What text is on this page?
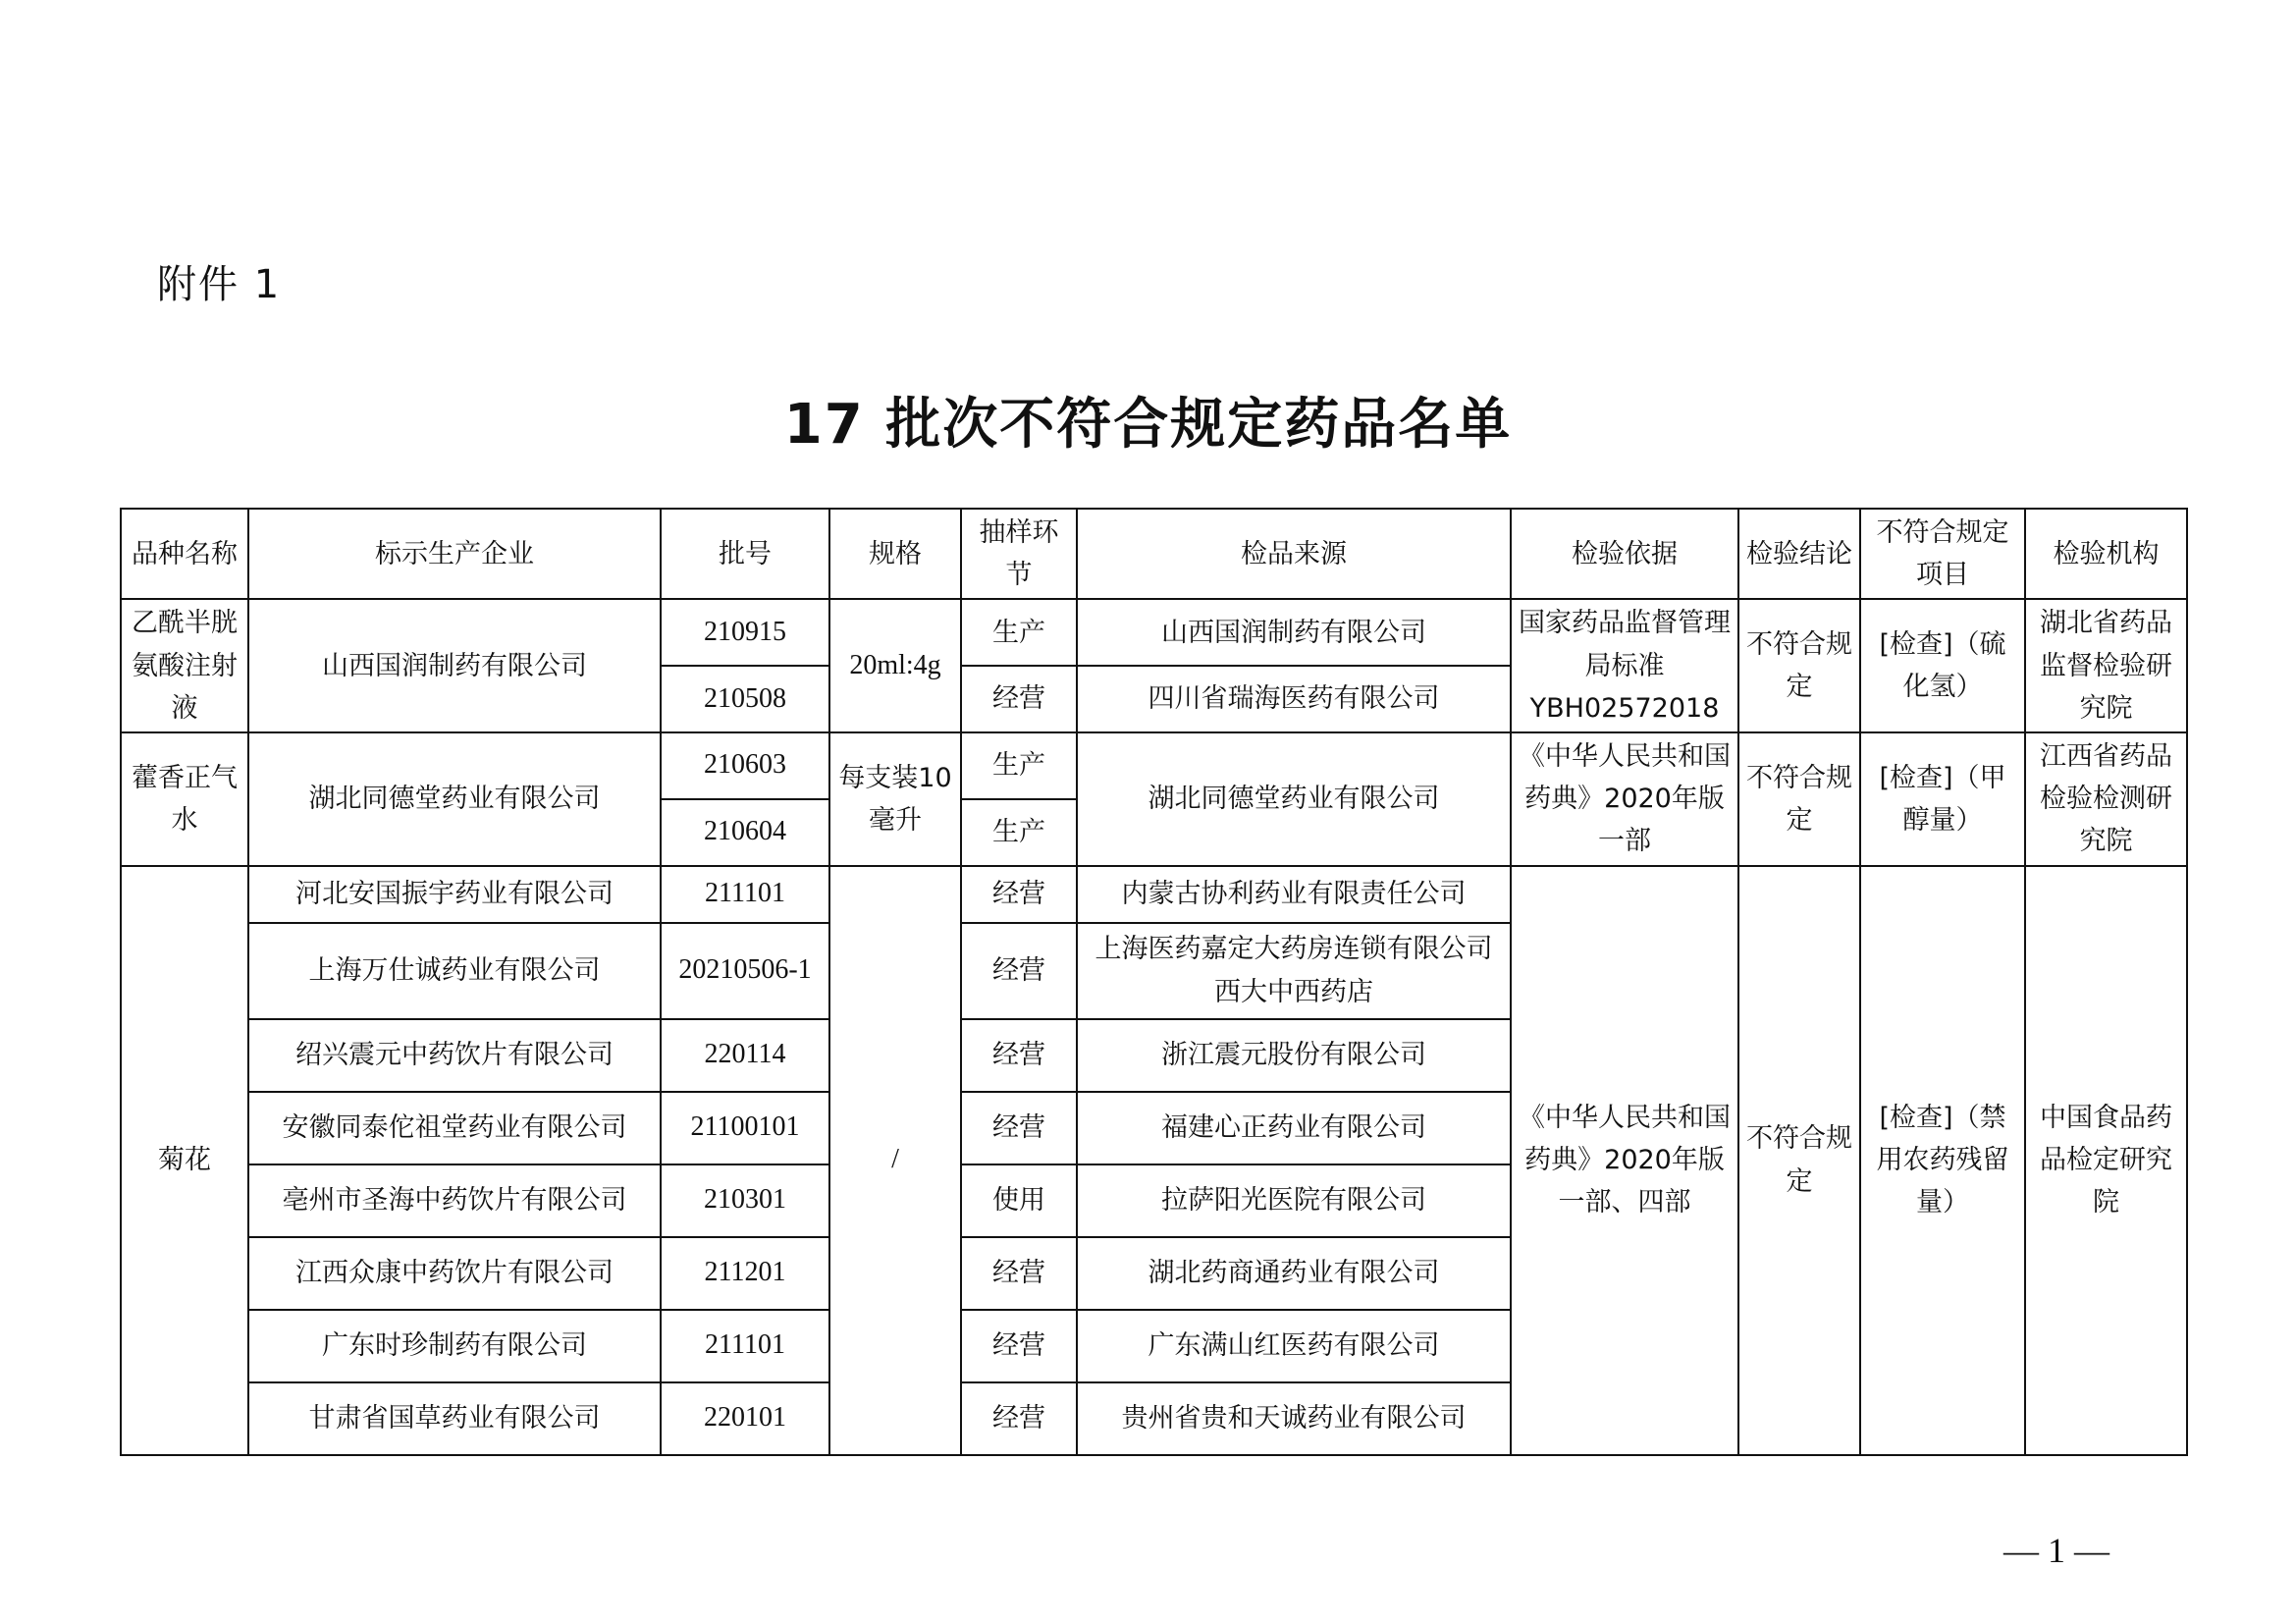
附件 1
17 批次不符合规定药品名单
品种名称	标示生产企业	批号	规格	抽样环节	检品来源	检验依据	检验结论	不符合规定项目	检验机构
乙酰半胱氨酸注射液	山西国润制药有限公司	210915	20ml:4g	生产	山西国润制药有限公司	国家药品监督管理局标准YBH02572018	不符合规定	[检查]（硫化氢）	湖北省药品监督检验研究院
		210508		经营	四川省瑞海医药有限公司				
藿香正气水	湖北同德堂药业有限公司	210603	每支装10毫升	生产	湖北同德堂药业有限公司	《中华人民共和国药典》2020年版一部	不符合规定	[检查]（甲醇量）	江西省药品检验检测研究院
		210604		生产					
菊花	河北安国振宇药业有限公司	211101	/	经营	内蒙古协利药业有限责任公司	《中华人民共和国药典》2020年版一部、四部	不符合规定	[检查]（禁用农药残留量）	中国食品药品检定研究院
	上海万仕诚药业有限公司	20210506-1		经营	上海医药嘉定大药房连锁有限公司西大中西药店				
	绍兴震元中药饮片有限公司	220114		经营	浙江震元股份有限公司				
	安徽同泰佗祖堂药业有限公司	21100101		经营	福建心正药业有限公司				
	亳州市圣海中药饮片有限公司	210301		使用	拉萨阳光医院有限公司				
	江西众康中药饮片有限公司	211201		经营	湖北药商通药业有限公司				
	广东时珍制药有限公司	211101		经营	广东满山红医药有限公司				
	甘肃省国草药业有限公司	220101		经营	贵州省贵和天诚药业有限公司				
— 1 —
